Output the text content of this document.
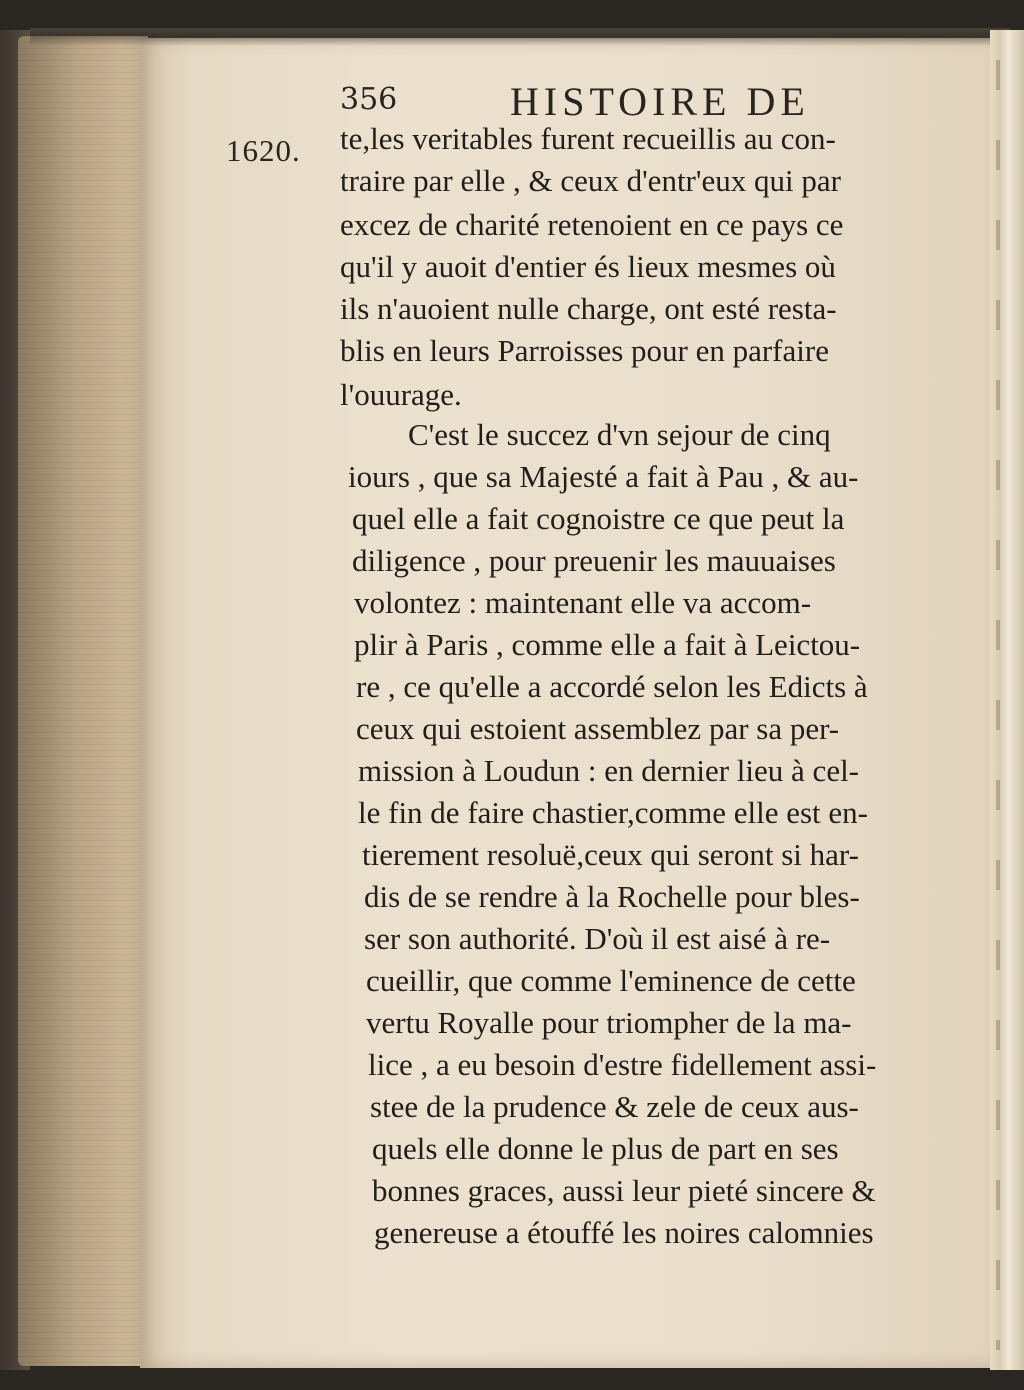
356	HISTOIRE DE
1620. te,les veritables furent recueillis au con-
traire par elle , & ceux d'entr'eux qui par
excez de charité retenoient en ce pays ce
qu'il y auoit d'entier és lieux mesmes où
ils n'auoient nulle charge, ont esté resta-
blis en leurs Parroisses pour en parfaire
l'ouurage.
C'est le succez d'vn sejour de cinq
iours , que sa Majesté a fait à Pau , & au-
quel elle a fait cognoistre ce que peut la
diligence , pour preuenir les mauuaises
volontez : maintenant elle va accom-
plir à Paris , comme elle a fait à Leictou-
re , ce qu'elle a accordé selon les Edicts à
ceux qui estoient assemblez par sa per-
mission à Loudun : en dernier lieu à cel-
le fin de faire chastier,comme elle est en-
tierement resoluë,ceux qui seront si har-
dis de se rendre à la Rochelle pour bles-
ser son authorité. D'où il est aisé à re-
cueillir, que comme l'eminence de cette
vertu Royalle pour triompher de la ma-
lice , a eu besoin d'estre fidellement assi-
stee de la prudence & zele de ceux aus-
quels elle donne le plus de part en ses
bonnes graces, aussi leur pieté sincere &
genereuse a étouffé les noires calomnies
